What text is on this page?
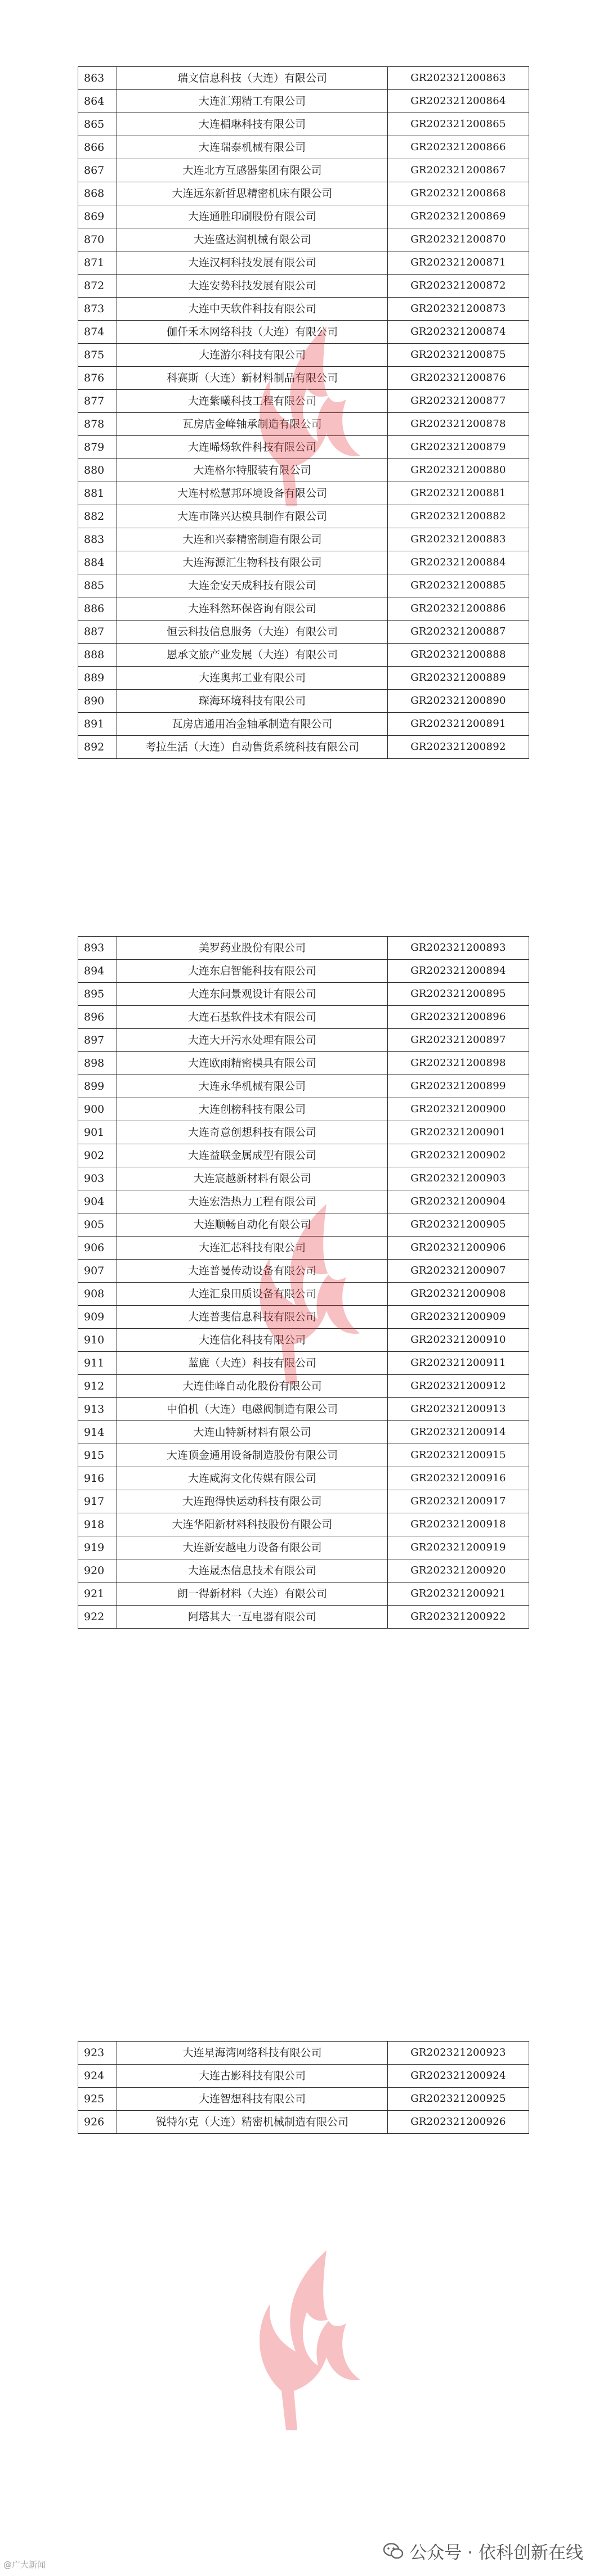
863	瑞文信息科技（大连）有限公司	GR202321200863
864	大连汇翔精工有限公司	GR202321200864
865	大连楣琳科技有限公司	GR202321200865
866	大连瑞泰机械有限公司	GR202321200866
867	大连北方互感器集团有限公司	GR202321200867
868	大连远东新哲思精密机床有限公司	GR202321200868
869	大连通胜印刷股份有限公司	GR202321200869
870	大连盛达润机械有限公司	GR202321200870
871	大连汉柯科技发展有限公司	GR202321200871
872	大连安势科技发展有限公司	GR202321200872
873	大连中天软件科技有限公司	GR202321200873
874	伽仟禾木网络科技（大连）有限公司	GR202321200874
875	大连游尔科技有限公司	GR202321200875
876	科赛斯（大连）新材料制品有限公司	GR202321200876
877	大连紫曦科技工程有限公司	GR202321200877
878	瓦房店金峰轴承制造有限公司	GR202321200878
879	大连晞炀软件科技有限公司	GR202321200879
880	大连格尔特服装有限公司	GR202321200880
881	大连村松慧邦环境设备有限公司	GR202321200881
882	大连市隆兴达模具制作有限公司	GR202321200882
883	大连和兴泰精密制造有限公司	GR202321200883
884	大连海源汇生物科技有限公司	GR202321200884
885	大连金安天成科技有限公司	GR202321200885
886	大连科然环保咨询有限公司	GR202321200886
887	恒云科技信息服务（大连）有限公司	GR202321200887
888	恩承文旅产业发展（大连）有限公司	GR202321200888
889	大连奥邦工业有限公司	GR202321200889
890	琛海环境科技有限公司	GR202321200890
891	瓦房店通用冶金轴承制造有限公司	GR202321200891
892	考拉生活（大连）自动售货系统科技有限公司	GR202321200892
893	美罗药业股份有限公司	GR202321200893
894	大连东启智能科技有限公司	GR202321200894
895	大连东问景观设计有限公司	GR202321200895
896	大连石基软件技术有限公司	GR202321200896
897	大连大开污水处理有限公司	GR202321200897
898	大连欧雨精密模具有限公司	GR202321200898
899	大连永华机械有限公司	GR202321200899
900	大连创榜科技有限公司	GR202321200900
901	大连奇意创想科技有限公司	GR202321200901
902	大连益联金属成型有限公司	GR202321200902
903	大连宸越新材料有限公司	GR202321200903
904	大连宏浩热力工程有限公司	GR202321200904
905	大连顺畅自动化有限公司	GR202321200905
906	大连汇芯科技有限公司	GR202321200906
907	大连普曼传动设备有限公司	GR202321200907
908	大连汇泉田质设备有限公司	GR202321200908
909	大连普斐信息科技有限公司	GR202321200909
910	大连信化科技有限公司	GR202321200910
911	蓝鹿（大连）科技有限公司	GR202321200911
912	大连佳峰自动化股份有限公司	GR202321200912
913	中伯机（大连）电磁阀制造有限公司	GR202321200913
914	大连山特新材料有限公司	GR202321200914
915	大连顶金通用设备制造股份有限公司	GR202321200915
916	大连咸海文化传媒有限公司	GR202321200916
917	大连跑得快运动科技有限公司	GR202321200917
918	大连华阳新材料科技股份有限公司	GR202321200918
919	大连新安越电力设备有限公司	GR202321200919
920	大连晟杰信息技术有限公司	GR202321200920
921	朗一得新材料（大连）有限公司	GR202321200921
922	阿塔其大一互电器有限公司	GR202321200922
923	大连星海湾网络科技有限公司	GR202321200923
924	大连古影科技有限公司	GR202321200924
925	大连智想科技有限公司	GR202321200925
926	锐特尔克（大连）精密机械制造有限公司	GR202321200926
公众号 · 依科创新在线
@广大新闻
